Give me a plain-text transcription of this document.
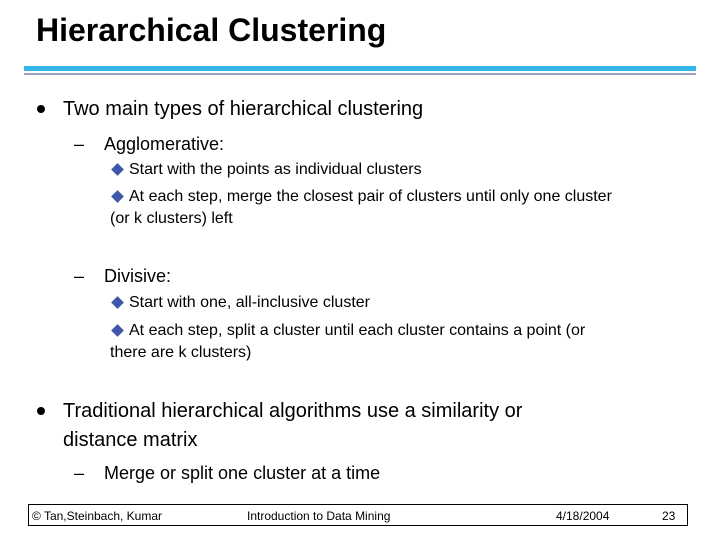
Hierarchical Clustering
Two main types of hierarchical clustering
– Agglomerative:
Start with the points as individual clusters
At each step, merge the closest pair of clusters until only one cluster
(or k clusters) left
– Divisive:
Start with one, all-inclusive cluster
At each step, split a cluster until each cluster contains a point (or
there are k clusters)
Traditional hierarchical algorithms use a similarity or
distance matrix
– Merge or split one cluster at a time
© Tan,Steinbach, Kumar	Introduction to Data Mining	4/18/2004	23
